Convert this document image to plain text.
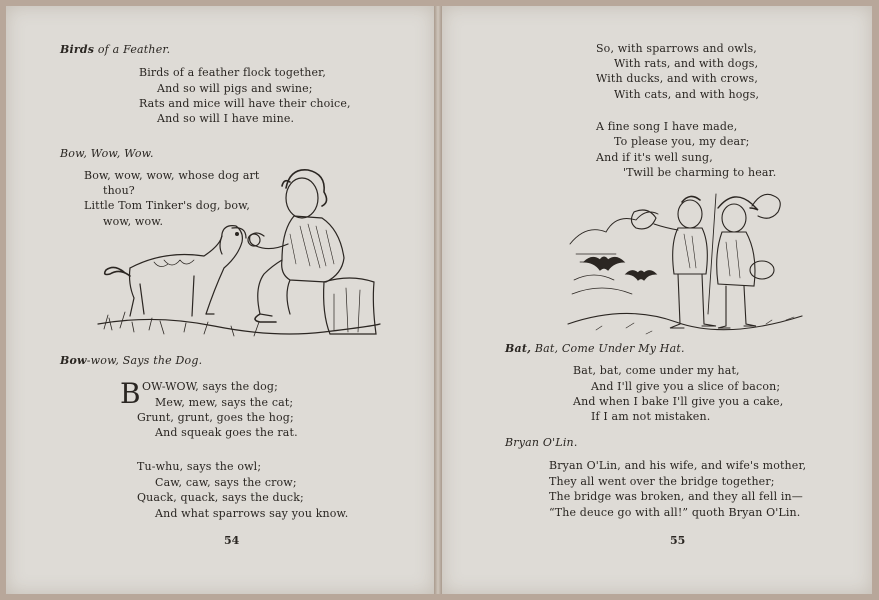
Birds of a Feather.
Birds of a feather flock together,
And so will pigs and swine;
Rats and mice will have their choice,
And so will I have mine.
Bow, Wow, Wow.
Bow, wow, wow, whose dog art
thou?
Little Tom Tinker's dog, bow,
wow, wow.
Bow-wow, Says the Dog.
B OW-WOW, says the dog;
Mew, mew, says the cat;
Grunt, grunt, goes the hog;
And squeak goes the rat.
Tu-whu, says the owl;
Caw, caw, says the crow;
Quack, quack, says the duck;
And what sparrows say you know.
54
So, with sparrows and owls,
With rats, and with dogs,
With ducks, and with crows,
With cats, and with hogs,
A fine song I have made,
To please you, my dear;
And if it's well sung,
'Twill be charming to hear.
Bat, Bat, Come Under My Hat.
Bat, bat, come under my hat,
And I'll give you a slice of bacon;
And when I bake I'll give you a cake,
If I am not mistaken.
Bryan O'Lin.
Bryan O'Lin, and his wife, and wife's mother,
They all went over the bridge together;
The bridge was broken, and they all fell in—
“The deuce go with all!” quoth Bryan O'Lin.
55
